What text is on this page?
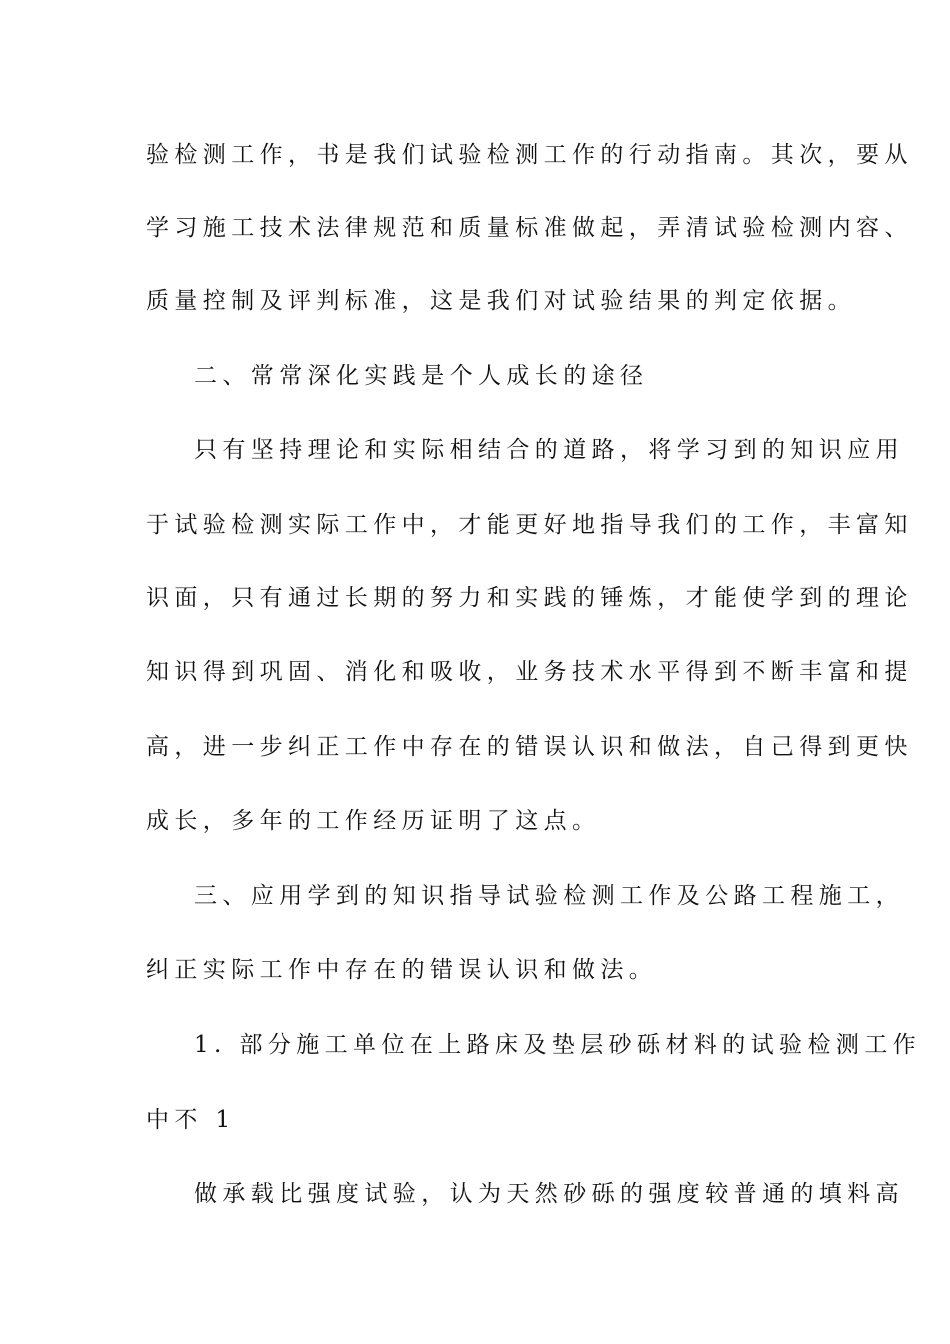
验检测工作，书是我们试验检测工作的行动指南。其次，要从
学习施工技术法律规范和质量标准做起，弄清试验检测内容、
质量控制及评判标准，这是我们对试验结果的判定依据。
二、常常深化实践是个人成长的途径
只有坚持理论和实际相结合的道路，将学习到的知识应用
于试验检测实际工作中，才能更好地指导我们的工作，丰富知
识面，只有通过长期的努力和实践的锤炼，才能使学到的理论
知识得到巩固、消化和吸收，业务技术水平得到不断丰富和提
高，进一步纠正工作中存在的错误认识和做法，自己得到更快
成长，多年的工作经历证明了这点。
三、应用学到的知识指导试验检测工作及公路工程施工，
纠正实际工作中存在的错误认识和做法。
1. 部分施工单位在上路床及垫层砂砾材料的试验检测工作
中不 1
做承载比强度试验，认为天然砂砾的强度较普通的填料高
